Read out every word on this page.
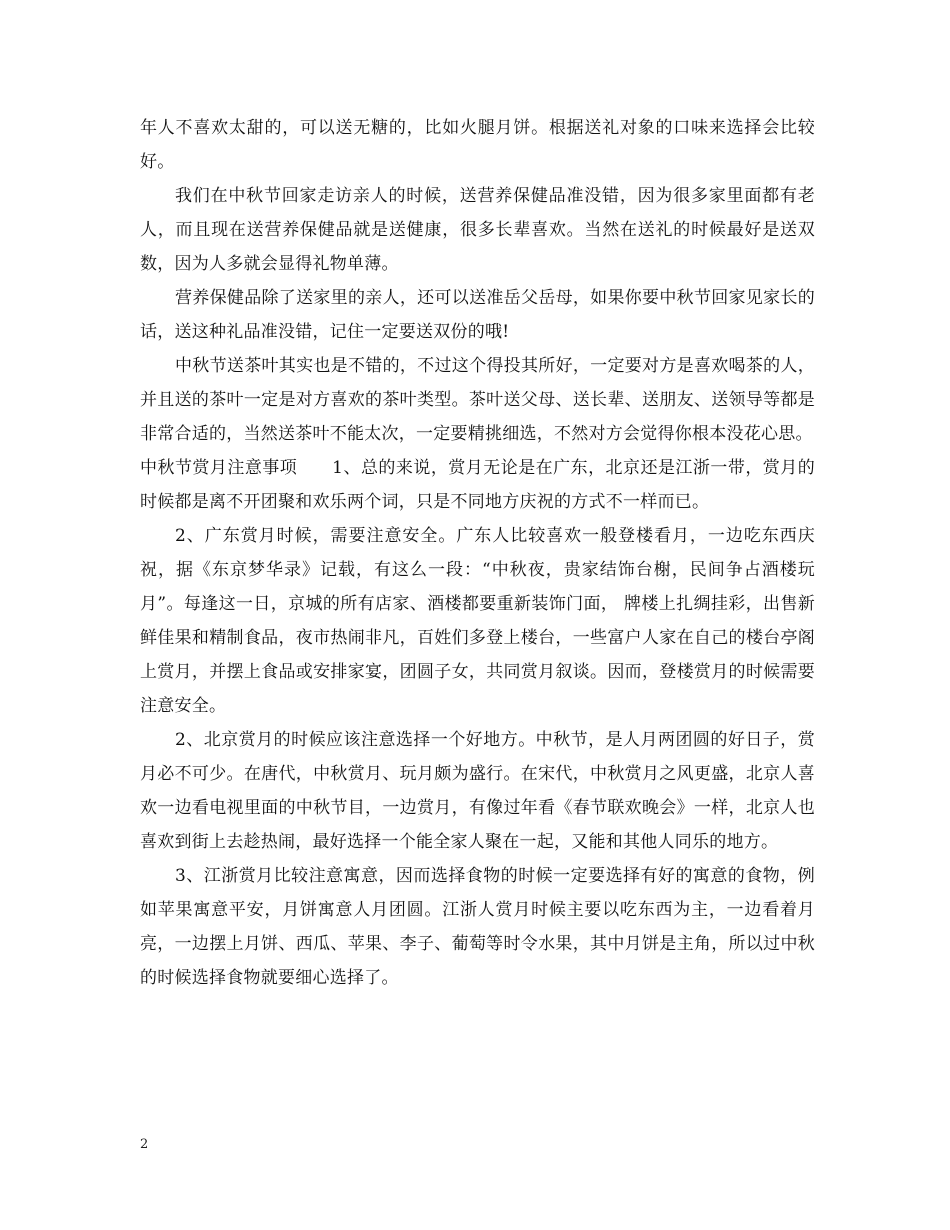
年人不喜欢太甜的，可以送无糖的，比如火腿月饼。根据送礼对象的口味来选择会比较好。

我们在中秋节回家走访亲人的时候，送营养保健品准没错，因为很多家里面都有老人，而且现在送营养保健品就是送健康，很多长辈喜欢。当然在送礼的时候最好是送双数，因为人多就会显得礼物单薄。

营养保健品除了送家里的亲人，还可以送准岳父岳母，如果你要中秋节回家见家长的话，送这种礼品准没错，记住一定要送双份的哦!

中秋节送茶叶其实也是不错的，不过这个得投其所好，一定要对方是喜欢喝茶的人，并且送的茶叶一定是对方喜欢的茶叶类型。茶叶送父母、送长辈、送朋友、送领导等都是非常合适的，当然送茶叶不能太次，一定要精挑细选，不然对方会觉得你根本没花心思。

中秋节赏月注意事项　　1、总的来说，赏月无论是在广东，北京还是江浙一带，赏月的时候都是离不开团聚和欢乐两个词，只是不同地方庆祝的方式不一样而已。

2、广东赏月时候，需要注意安全。广东人比较喜欢一般登楼看月，一边吃东西庆祝，据《东京梦华录》记载，有这么一段：“中秋夜，贵家结饰台榭，民间争占酒楼玩月”。每逢这一日，京城的所有店家、酒楼都要重新装饰门面， 牌楼上扎绸挂彩，出售新鲜佳果和精制食品，夜市热闹非凡，百姓们多登上楼台，一些富户人家在自己的楼台亭阁上赏月，并摆上食品或安排家宴，团圆子女，共同赏月叙谈。因而，登楼赏月的时候需要注意安全。

2、北京赏月的时候应该注意选择一个好地方。中秋节，是人月两团圆的好日子，赏月必不可少。在唐代，中秋赏月、玩月颇为盛行。在宋代，中秋赏月之风更盛，北京人喜欢一边看电视里面的中秋节目，一边赏月，有像过年看《春节联欢晚会》一样，北京人也喜欢到街上去趁热闹，最好选择一个能全家人聚在一起，又能和其他人同乐的地方。

3、江浙赏月比较注意寓意，因而选择食物的时候一定要选择有好的寓意的食物，例如苹果寓意平安，月饼寓意人月团圆。江浙人赏月时候主要以吃东西为主，一边看着月亮，一边摆上月饼、西瓜、苹果、李子、葡萄等时令水果，其中月饼是主角，所以过中秋的时候选择食物就要细心选择了。

2
